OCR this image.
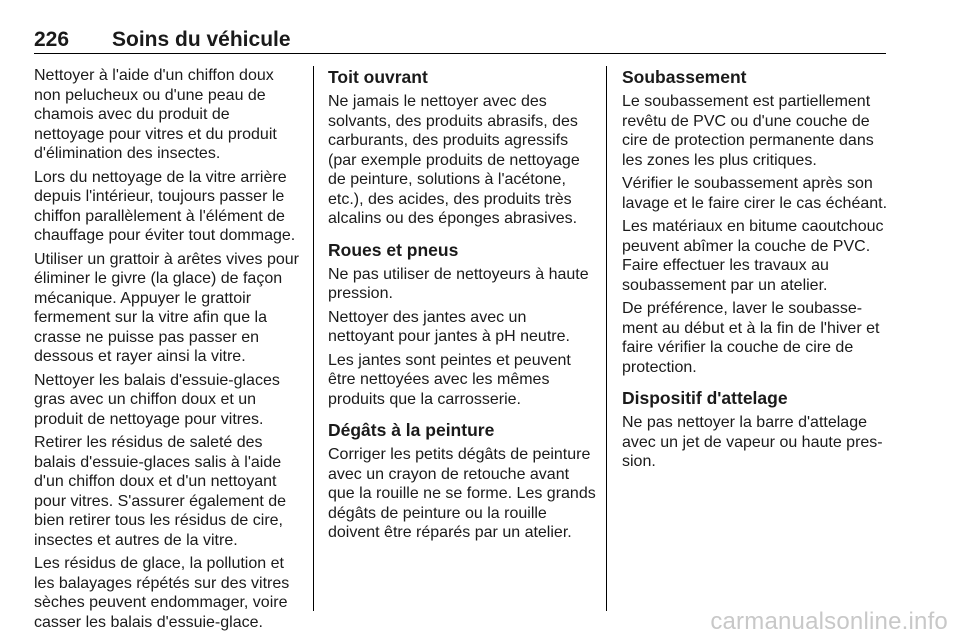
226 Soins du véhicule

Nettoyer à l'aide d'un chiffon doux non pelucheux ou d'une peau de chamois avec du produit de nettoyage pour vitres et du produit d'élimination des insectes.

Lors du nettoyage de la vitre arrière depuis l'intérieur, toujours passer le chiffon parallèlement à l'élément de chauffage pour éviter tout dommage.

Utiliser un grattoir à arêtes vives pour éliminer le givre (la glace) de façon mécanique. Appuyer le grattoir fermement sur la vitre afin que la crasse ne puisse pas passer en dessous et rayer ainsi la vitre.

Nettoyer les balais d'essuie-glaces gras avec un chiffon doux et un produit de nettoyage pour vitres.

Retirer les résidus de saleté des balais d'essuie-glaces salis à l'aide d'un chiffon doux et d'un nettoyant pour vitres. S'assurer également de bien retirer tous les résidus de cire, insectes et autres de la vitre.

Les résidus de glace, la pollution et les balayages répétés sur des vitres sèches peuvent endommager, voire casser les balais d'essuie-glace.

Toit ouvrant

Ne jamais le nettoyer avec des solvants, des produits abrasifs, des carburants, des produits agressifs (par exemple produits de nettoyage de peinture, solutions à l'acétone, etc.), des acides, des produits très alcalins ou des éponges abrasives.

Roues et pneus

Ne pas utiliser de nettoyeurs à haute pression.

Nettoyer des jantes avec un nettoyant pour jantes à pH neutre.

Les jantes sont peintes et peuvent être nettoyées avec les mêmes produits que la carrosserie.

Dégâts à la peinture

Corriger les petits dégâts de peinture avec un crayon de retouche avant que la rouille ne se forme. Les grands dégâts de peinture ou la rouille doivent être réparés par un atelier.

Soubassement

Le soubassement est partiellement revêtu de PVC ou d'une couche de cire de protection permanente dans les zones les plus critiques.

Vérifier le soubassement après son lavage et le faire cirer le cas échéant.

Les matériaux en bitume caoutchouc peuvent abîmer la couche de PVC. Faire effectuer les travaux au soubassement par un atelier.

De préférence, laver le soubassement au début et à la fin de l'hiver et faire vérifier la couche de cire de protection.

Dispositif d'attelage

Ne pas nettoyer la barre d'attelage avec un jet de vapeur ou haute pression.

carmanualsonline.info
